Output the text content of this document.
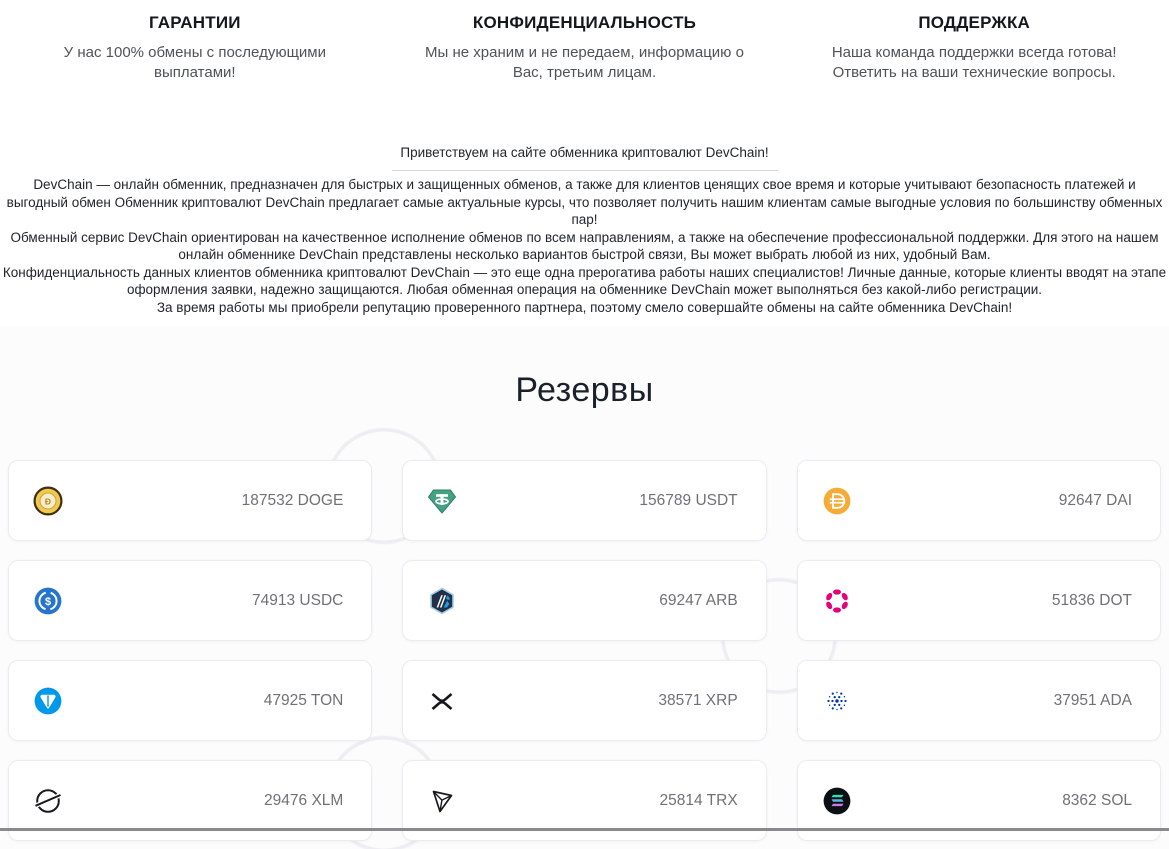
ГАРАНТИИ

У нас 100% обмены с последующими выплатами!

КОНФИДЕНЦИАЛЬНОСТЬ

Мы не храним и не передаем, информацию о Вас, третьим лицам.

ПОДДЕРЖКА

Наша команда поддержки всегда готова! Ответить на ваши технические вопросы.

Приветствуем на сайте обменника криптовалют DevChain!

DevChain — онлайн обменник, предназначен для быстрых и защищенных обменов, а также для клиентов ценящих свое время и которые учитывают безопасность платежей и выгодный обмен Обменник криптовалют DevChain предлагает самые актуальные курсы, что позволяет получить нашим клиентам самые выгодные условия по большинству обменных пар!

Обменный сервис DevChain ориентирован на качественное исполнение обменов по всем направлениям, а также на обеспечение профессиональной поддержки. Для этого на нашем онлайн обменнике DevChain представлены несколько вариантов быстрой связи, Вы может выбрать любой из них, удобный Вам.

Конфиденциальность данных клиентов обменника криптовалют DevChain — это еще одна прерогатива работы наших специалистов! Личные данные, которые клиенты вводят на этапе оформления заявки, надежно защищаются. Любая обменная операция на обменнике DevChain может выполняться без какой-либо регистрации.

За время работы мы приобрели репутацию проверенного партнера, поэтому смело совершайте обмены на сайте обменника DevChain!

Резервы
Ð	187532 DOGE	156789 USDT	92647 DAI
$	74913 USDC	69247 ARB	51836 DOT
47925 TON	38571 XRP	37951 ADA
29476 XLM	25814 TRX	8362 SOL
